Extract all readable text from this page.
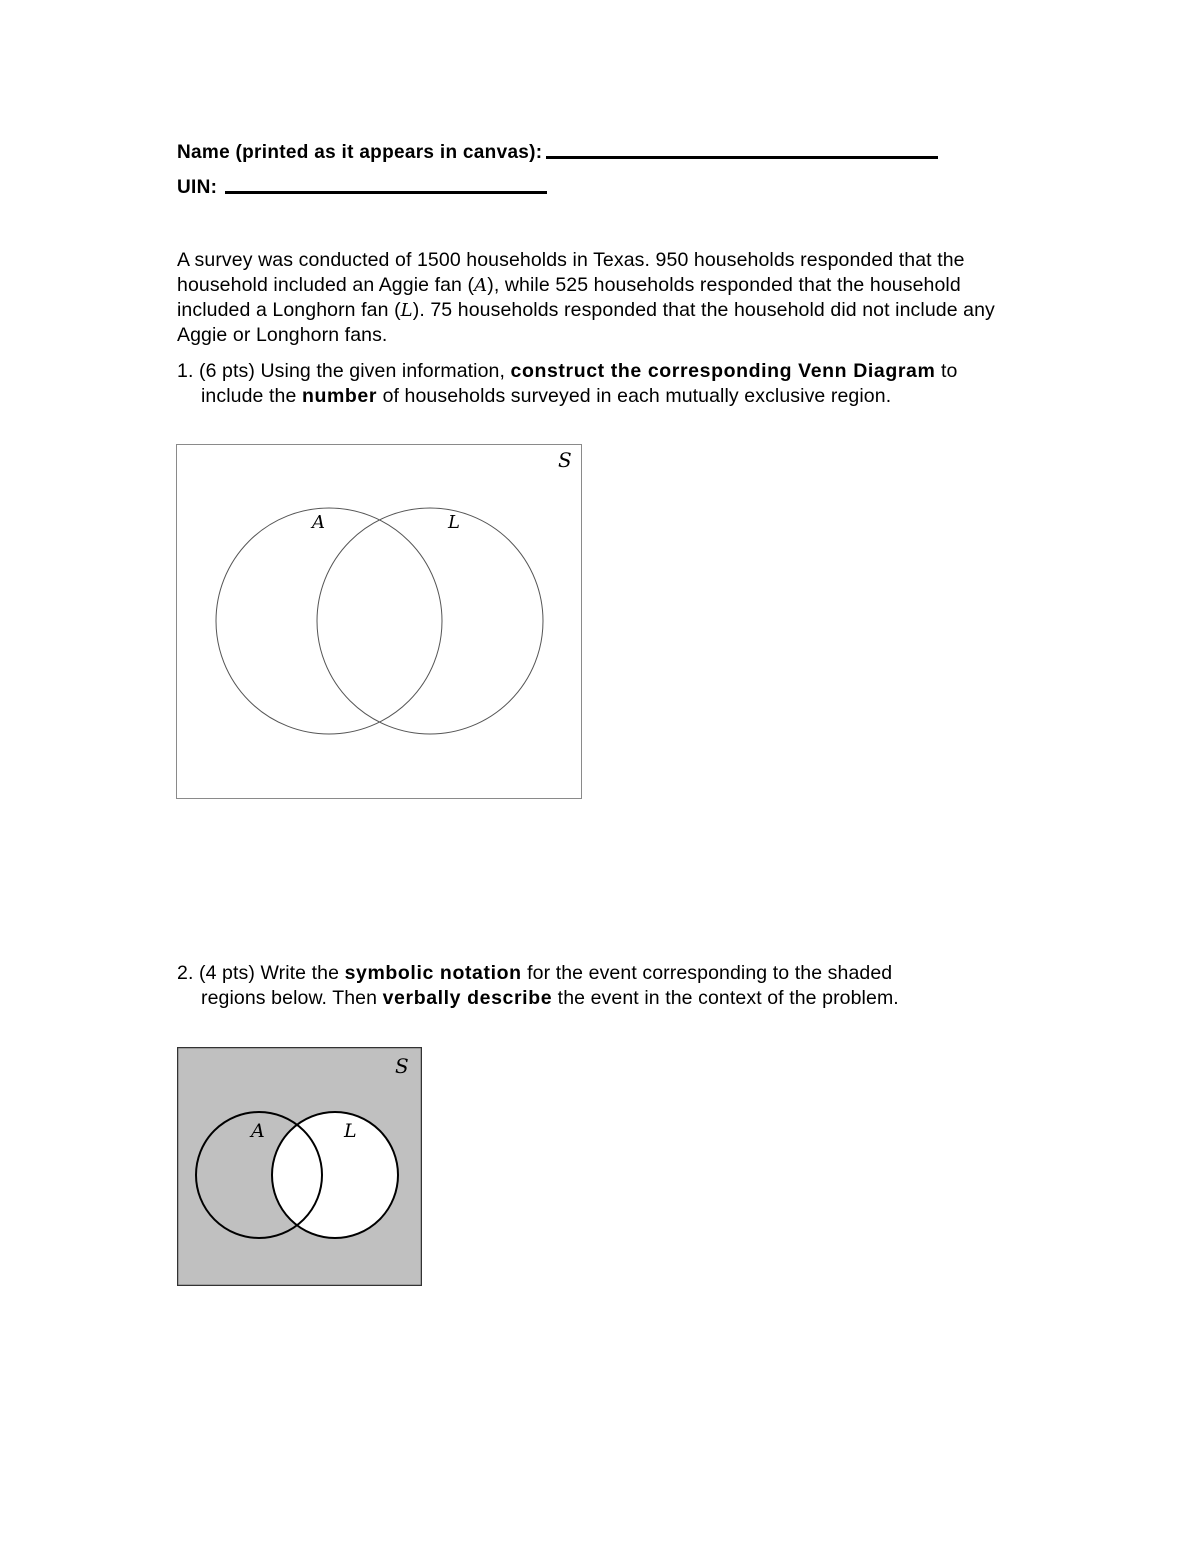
Name (printed as it appears in canvas):
UIN:

A survey was conducted of 1500 households in Texas. 950 households responded that the household included an Aggie fan (A), while 525 households responded that the household included a Longhorn fan (L). 75 households responded that the household did not include any Aggie or Longhorn fans.

1. (6 pts) Using the given information, construct the corresponding Venn Diagram to
include the number of households surveyed in each mutually exclusive region.

S
A	L

2. (4 pts) Write the symbolic notation for the event corresponding to the shaded
regions below. Then verbally describe the event in the context of the problem.

S
A	L
